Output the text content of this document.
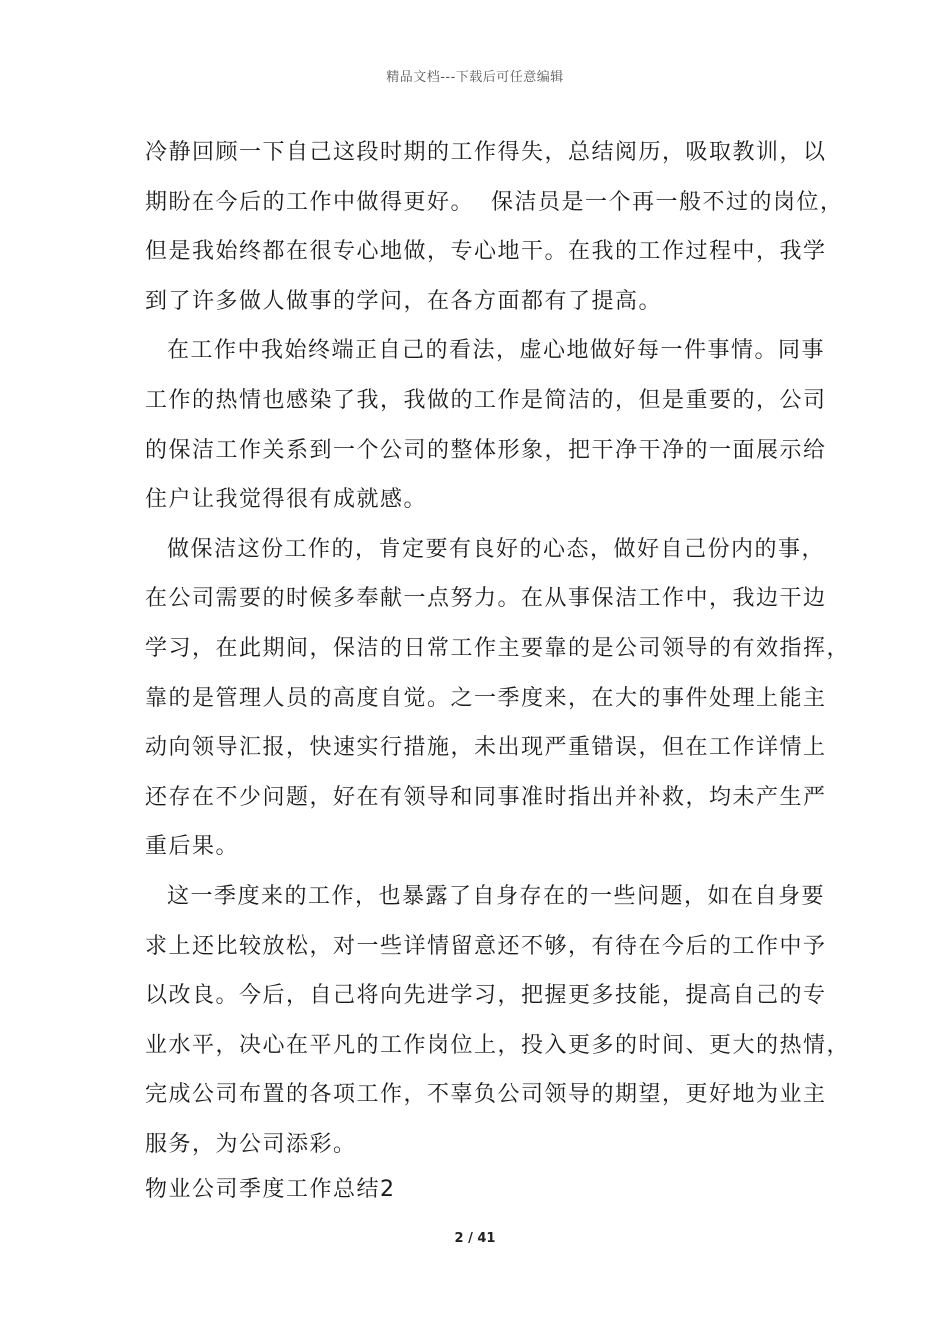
精品文档---下载后可任意编辑
冷静回顾一下自己这段时期的工作得失，总结阅历，吸取教训，以
期盼在今后的工作中做得更好。  保洁员是一个再一般不过的岗位，
但是我始终都在很专心地做，专心地干。在我的工作过程中，我学
到了许多做人做事的学问，在各方面都有了提高。
在工作中我始终端正自己的看法，虚心地做好每一件事情。同事
工作的热情也感染了我，我做的工作是简洁的，但是重要的，公司
的保洁工作关系到一个公司的整体形象，把干净干净的一面展示给
住户让我觉得很有成就感。
做保洁这份工作的，肯定要有良好的心态，做好自己份内的事，
在公司需要的时候多奉献一点努力。在从事保洁工作中，我边干边
学习，在此期间，保洁的日常工作主要靠的是公司领导的有效指挥，
靠的是管理人员的高度自觉。之一季度来，在大的事件处理上能主
动向领导汇报，快速实行措施，未出现严重错误，但在工作详情上
还存在不少问题，好在有领导和同事准时指出并补救，均未产生严
重后果。
这一季度来的工作，也暴露了自身存在的一些问题，如在自身要
求上还比较放松，对一些详情留意还不够，有待在今后的工作中予
以改良。今后，自己将向先进学习，把握更多技能，提高自己的专
业水平，决心在平凡的工作岗位上，投入更多的时间、更大的热情，
完成公司布置的各项工作，不辜负公司领导的期望，更好地为业主
服务，为公司添彩。
物业公司季度工作总结2
2 / 41
